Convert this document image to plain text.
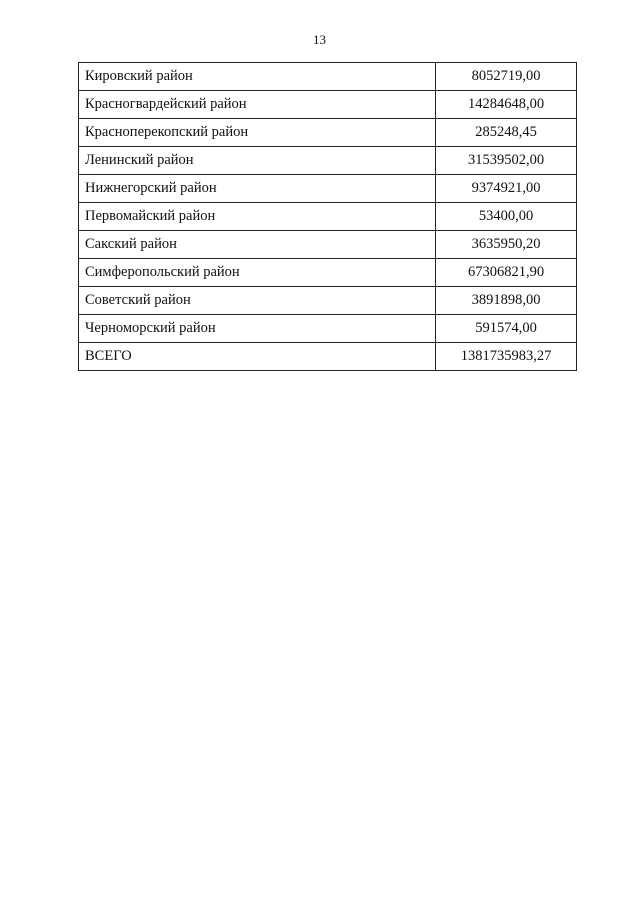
13
Кировский район	8052719,00
Красногвардейский район	14284648,00
Красноперекопский район	285248,45
Ленинский район	31539502,00
Нижнегорский район	9374921,00
Первомайский район	53400,00
Сакский район	3635950,20
Симферопольский район	67306821,90
Советский район	3891898,00
Черноморский район	591574,00
ВСЕГО	1381735983,27
